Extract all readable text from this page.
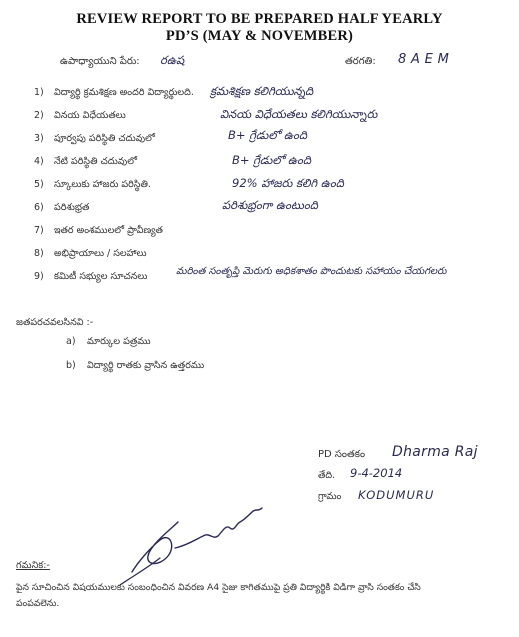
REVIEW REPORT TO BE PREPARED HALF YEARLY
PD’S (MAY & NOVEMBER)
ఉపాధ్యాయుని పేరు: రఉష	తరగతి: 8 A E M
1) విద్యార్థి క్రమశిక్షణ అందరి విద్యార్థులది. క్రమశిక్షణ కలిగియున్నది
2) వినయ విధేయతలు	వినయ విధేయతలు కలిగియున్నారు
3) పూర్వపు పరిస్థితి చదువులో	B+ గ్రేడులో ఉంది
4) నేటి పరిస్థితి చదువులో	B+ గ్రేడులో ఉంది
5) స్కూలుకు హాజరు పరిస్థితి.	92% హాజరు కలిగి ఉంది
6) పరిశుభ్రత	పరిశుభ్రంగా ఉంటుంది
7) ఇతర అంశములలో ప్రావీణ్యత
8) అభిప్రాయాలు / సలహాలు
9) కమిటీ సభ్యుల సూచనలు	మరింత సంతృప్తి మెరుగు అధికశాతం పొందుటకు సహాయం చేయగలరు
జతపరచవలసినవి :-
a) మార్కుల పత్రము
b) విద్యార్థి రాతకు వ్రాసిన ఉత్తరము
PD సంతకం Dharma Raj
తేది. 9-4-2014
గ్రామం KODUMURU
గమనిక:-
పైన సూచించిన విషయములకు సంబంధించిన వివరణ A4 సైజు కాగితముపై ప్రతి విద్యార్థికి విడిగా వ్రాసి సంతకం చేసి
పంపవలెను.
